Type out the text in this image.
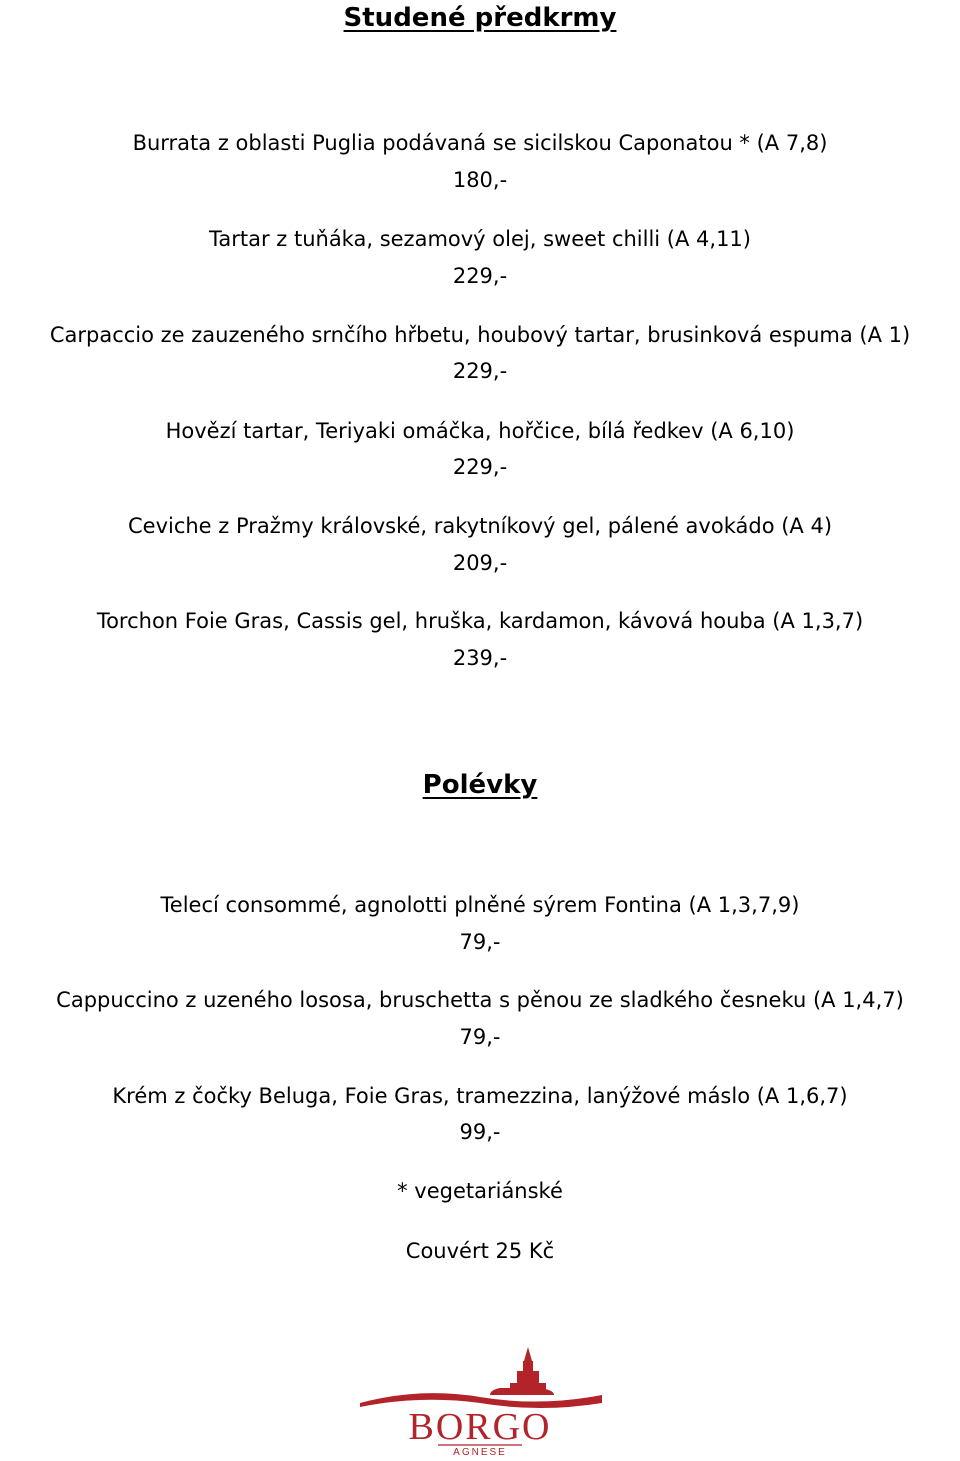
Studené předkrmy
Burrata z oblasti Puglia podávaná se sicilskou Caponatou * (A 7,8)
180,-
Tartar z tuňáka, sezamový olej, sweet chilli (A 4,11)
229,-
Carpaccio ze zauzeného srnčího hřbetu, houbový tartar, brusinková espuma (A 1)
229,-
Hovězí tartar, Teriyaki omáčka, hořčice, bílá ředkev (A 6,10)
229,-
Ceviche z Pražmy královské, rakytníkový gel, pálené avokádo (A 4)
209,-
Torchon Foie Gras, Cassis gel, hruška, kardamon, kávová houba (A 1,3,7)
239,-
Polévky
Telecí consommé, agnolotti plněné sýrem Fontina (A 1,3,7,9)
79,-
Cappuccino z uzeného lososa, bruschetta s pěnou ze sladkého česneku (A 1,4,7)
79,-
Krém z čočky Beluga, Foie Gras, tramezzina, lanýžové máslo (A 1,6,7)
99,-
* vegetariánské
Couvért 25 Kč
BORGO
AGNESE
